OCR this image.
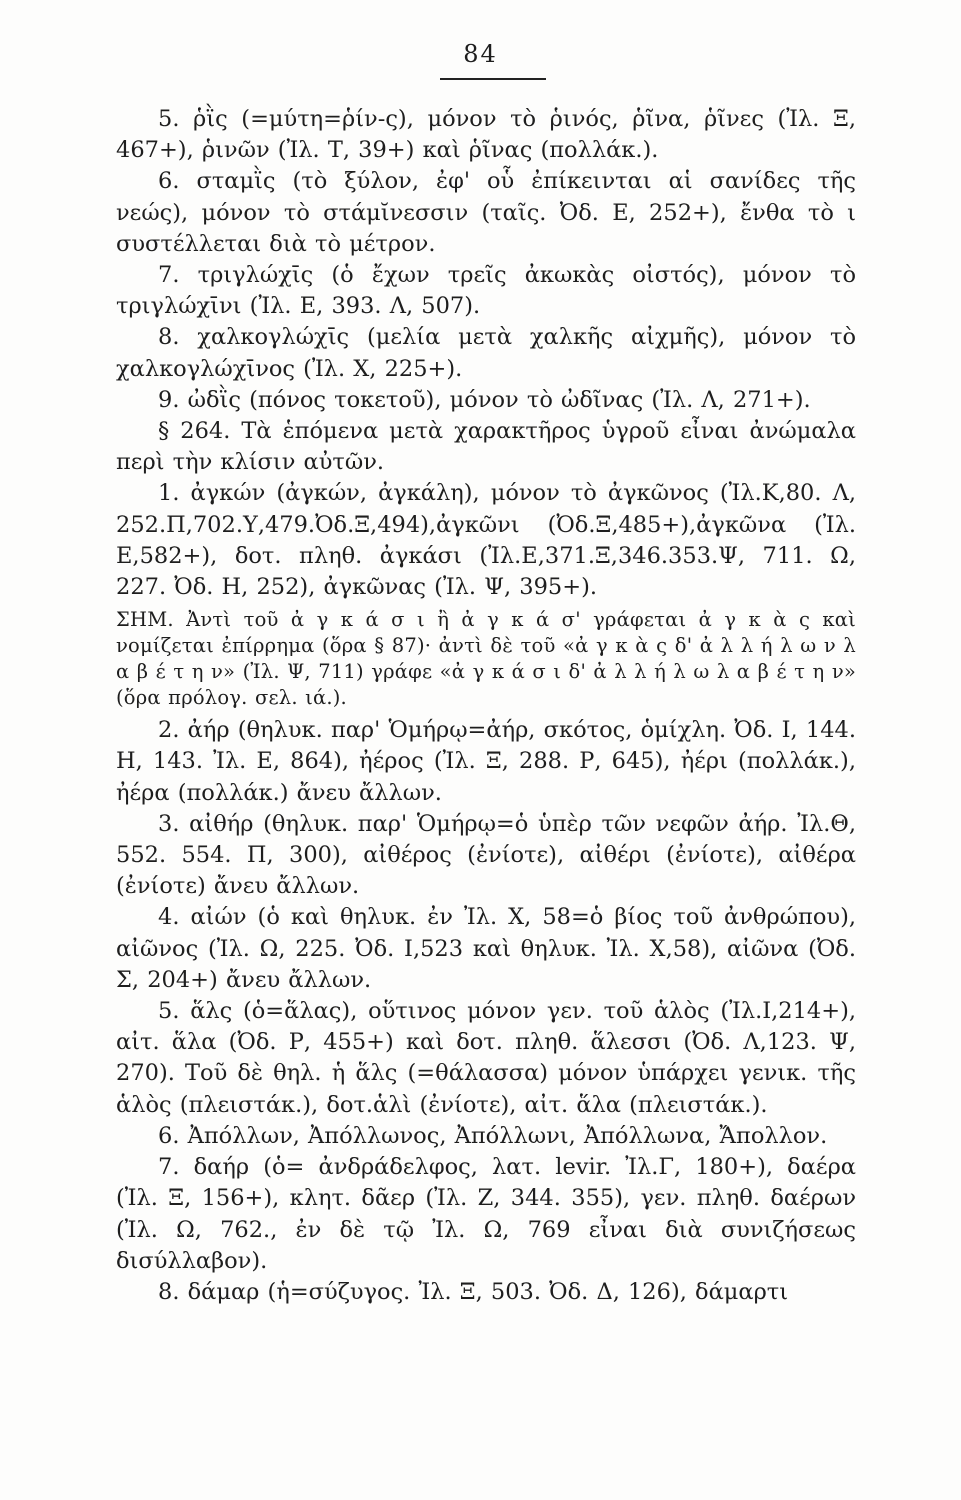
84

5. ῥῒς (=μύτη=ῥίν-ς), μόνον τὸ ῥινός, ῥῖνα, ῥῖνες (Ἰλ. Ξ, 467+), ῥινῶν (Ἰλ. Τ, 39+) καὶ ῥῖνας (πολλάκ.).

6. σταμῒς (τὸ ξύλον, ἐφ' οὗ ἐπίκεινται αἱ σανίδες τῆς νεώς), μόνον τὸ στάμῐνεσσιν (ταῖς. Ὀδ. Ε, 252+), ἔνθα τὸ ι συστέλλεται διὰ τὸ μέτρον.

7. τριγλώχῑς (ὁ ἔχων τρεῖς ἀκωκὰς οἰστός), μόνον τὸ τριγλώχῑνι (Ἰλ. Ε, 393. Λ, 507).

8. χαλκογλώχῑς (μελία μετὰ χαλκῆς αἰχμῆς), μόνον τὸ χαλκογλώχῑνος (Ἰλ. Χ, 225+).

9. ὠδῒς (πόνος τοκετοῦ), μόνον τὸ ὠδῖνας (Ἰλ. Λ, 271+).

§ 264. Τὰ ἑπόμενα μετὰ χαρακτῆρος ὑγροῦ εἶναι ἀνώμαλα περὶ τὴν κλίσιν αὐτῶν.

1. ἀγκών (ἀγκών, ἀγκάλη), μόνον τὸ ἀγκῶνος (Ἰλ.Κ,80. Λ, 252.Π,702.Υ,479.Ὀδ.Ξ,494),ἀγκῶνι (Ὀδ.Ξ,485+),ἀγκῶνα (Ἰλ. Ε,582+), δοτ. πληθ. ἀγκάσι (Ἰλ.Ε,371.Ξ,346.353.Ψ, 711. Ω, 227. Ὀδ. Η, 252), ἀγκῶνας (Ἰλ. Ψ, 395+).

ΣΗΜ. Ἀντὶ τοῦ ἀ γ κ ά σ ι ἢ ἀ γ κ ά σ' γράφεται ἀ γ κ ὰ ς καὶ νομίζεται ἐπίρρημα (ὅρα § 87)· ἀντὶ δὲ τοῦ «ἀ γ κ ὰ ς δ' ἀ λ λ ή λ ω ν λ α β έ τ η ν» (Ἰλ. Ψ, 711) γράφε «ἀ γ κ ά σ ι δ' ἀ λ λ ή λ ω λ α β έ τ η ν» (ὅρα πρόλογ. σελ. ιά.).

2. ἀήρ (θηλυκ. παρ' Ὁμήρῳ=ἀήρ, σκότος, ὁμίχλη. Ὀδ. Ι, 144. Η, 143. Ἰλ. Ε, 864), ἠέρος (Ἰλ. Ξ, 288. Ρ, 645), ἠέρι (πολλάκ.), ἠέρα (πολλάκ.) ἄνευ ἄλλων.

3. αἰθήρ (θηλυκ. παρ' Ὁμήρῳ=ὁ ὑπὲρ τῶν νεφῶν ἀήρ. Ἰλ.Θ, 552. 554. Π, 300), αἰθέρος (ἐνίοτε), αἰθέρι (ἐνίοτε), αἰθέρα (ἐνίοτε) ἄνευ ἄλλων.

4. αἰών (ὁ καὶ θηλυκ. ἐν Ἰλ. Χ, 58=ὁ βίος τοῦ ἀνθρώπου), αἰῶνος (Ἰλ. Ω, 225. Ὀδ. Ι,523 καὶ θηλυκ. Ἰλ. Χ,58), αἰῶνα (Ὀδ. Σ, 204+) ἄνευ ἄλλων.

5. ἅλς (ὁ=ἅλας), οὕτινος μόνον γεν. τοῦ ἁλὸς (Ἰλ.Ι,214+), αἰτ. ἅλα (Ὀδ. Ρ, 455+) καὶ δοτ. πληθ. ἅλεσσι (Ὀδ. Λ,123. Ψ, 270). Τοῦ δὲ θηλ. ἡ ἅλς (=θάλασσα) μόνον ὑπάρχει γενικ. τῆς ἁλὸς (πλειστάκ.), δοτ.ἁλὶ (ἐνίοτε), αἰτ. ἅλα (πλειστάκ.).

6. Ἀπόλλων, Ἀπόλλωνος, Ἀπόλλωνι, Ἀπόλλωνα, Ἄπολλον.

7. δαήρ (ὁ= ἀνδράδελφος, λατ. levir. Ἰλ.Γ, 180+), δαέρα (Ἰλ. Ξ, 156+), κλητ. δᾶερ (Ἰλ. Ζ, 344. 355), γεν. πληθ. δαέρων (Ἰλ. Ω, 762., ἐν δὲ τῷ Ἰλ. Ω, 769 εἶναι διὰ συνιζήσεως δισύλλαβον).

8. δάμαρ (ἡ=σύζυγος. Ἰλ. Ξ, 503. Ὀδ. Δ, 126), δάμαρτι
